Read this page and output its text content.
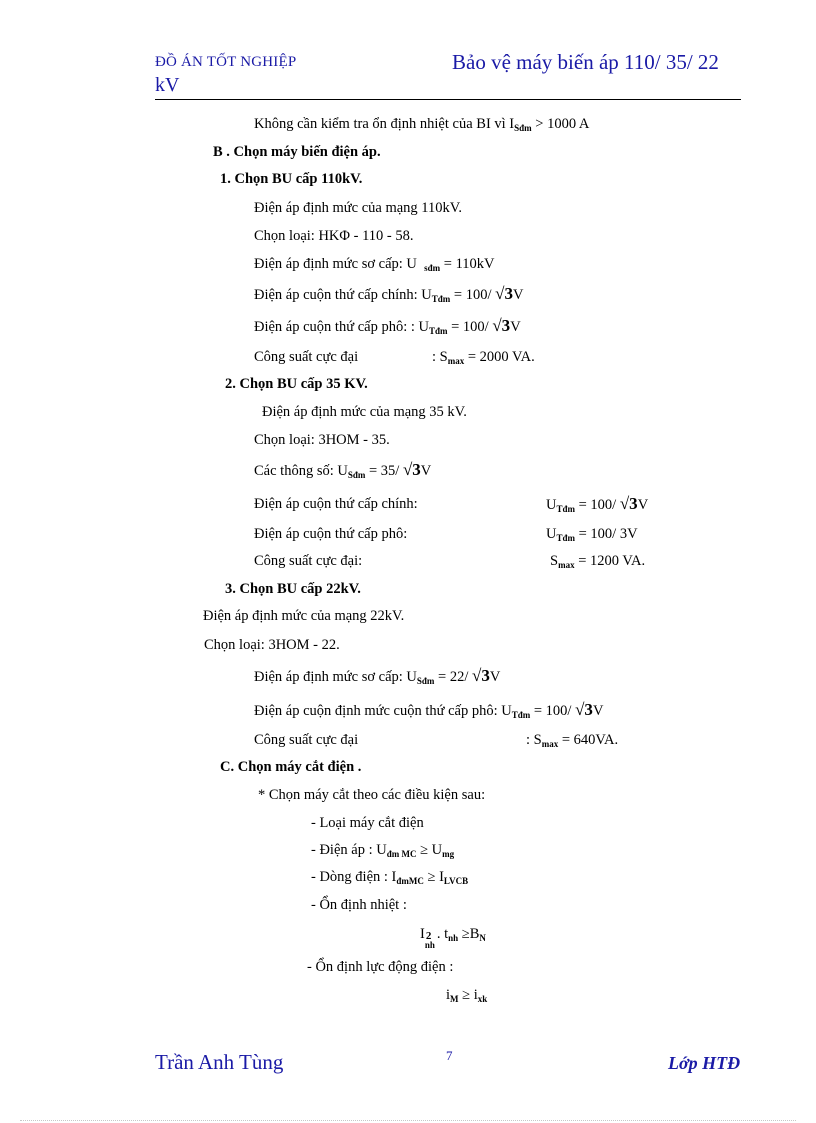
ĐỒ ÁN TỐT NGHIỆP
kV
Bảo vệ máy biến áp 110/ 35/ 22
Không cần kiểm tra ổn định nhiệt của BI vì $I_{Sđm} > 1000$ A
B . Chọn máy biến điện áp.
1. Chọn BU cấp 110kV.
Điện áp định mức của mạng 110kV.
Chọn loại: HKΦ - 110 - 58.
Điện áp định mức sơ cấp: U $_{sđm}$ = 110kV
Điện áp cuộn thứ cấp chính: $U_{Tđm} = 100/$ √3V
Điện áp cuộn thứ cấp phô: : $U_{Tđm} = 100/$ √3V
Công suất cực đại	: $S_{max} = 2000$ VA.
2. Chọn BU cấp 35 KV.
Điện áp định mức của mạng 35 kV.
Chọn loại: 3HOM - 35.
Các thông số: $U_{Sđm} = 35/$ √3V
Điện áp cuộn thứ cấp chính:	$U_{Tđm} = 100/$ √3V
Điện áp cuộn thứ cấp phô:	$U_{Tđm} = 100/$ 3V
Công suất cực đại:	$S_{max} = 1200$ VA.
3. Chọn BU cấp 22kV.
Điện áp định mức của mạng 22kV.
Chọn loại: 3HOM - 22.
Điện áp định mức sơ cấp: $U_{Sđm} = 22/$ √3V
Điện áp cuộn định mức cuộn thứ cấp phô: $U_{Tđm} = 100/$ √3V
Công suất cực đại	: $S_{max} = 640VA$.
C. Chọn máy cắt điện .
* Chọn máy cắt theo các điều kiện sau:
- Loại máy cắt điện
- Điện áp : $U_{đm MC} \ge U_{mg}$
- Dòng điện : $I_{đmMC} \ge I_{LVCB}$
- Ổn định nhiệt :
I 2
nh
. $t_{nh} \ge B_N$
- Ổn định lực động điện :
$i_M \ge i_{xk}$
Trần Anh Tùng	7	Lớp HTĐ
